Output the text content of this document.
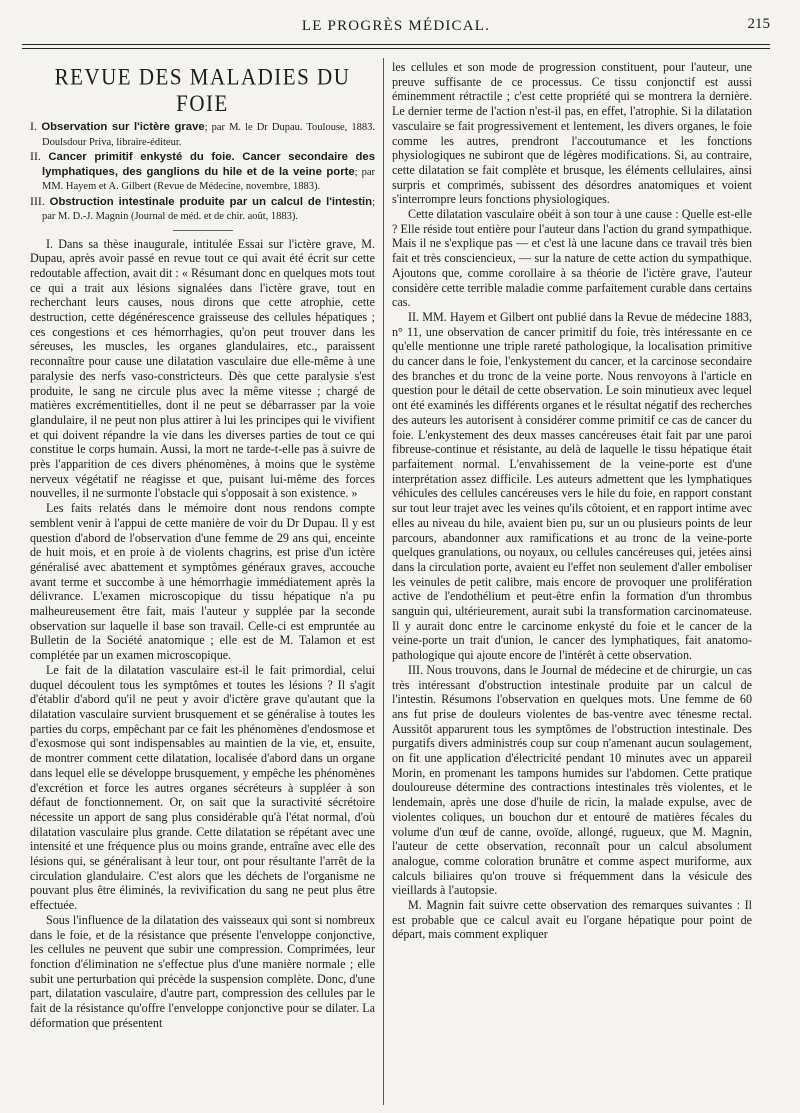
LE PROGRÈS MÉDICAL.	215
REVUE DES MALADIES DU FOIE
I. Observation sur l'ictère grave; par M. le Dr Dupau. Toulouse, 1883. Doulsdour Priva, libraire-éditeur.
II. Cancer primitif enkysté du foie. Cancer secondaire des lymphatiques, des ganglions du hile et de la veine porte; par MM. Hayem et A. Gilbert (Revue de Médecine, novembre, 1883).
III. Obstruction intestinale produite par un calcul de l'intestin; par M. D.-J. Magnin (Journal de méd. et de chir. août, 1883).

I. Dans sa thèse inaugurale, intitulée Essai sur l'ictère grave, M. Dupau, après avoir passé en revue tout ce qui avait été écrit sur cette redoutable affection, avait dit : « Résumant donc en quelques mots tout ce qui a trait aux lésions signalées dans l'ictère grave, tout en recherchant leurs causes, nous dirons que cette atrophie, cette destruction, cette dégénérescence graisseuse des cellules hépatiques ; ces congestions et ces hémorrhagies, qu'on peut trouver dans les séreuses, les muscles, les organes glandulaires, etc., paraissent reconnaître pour cause une dilatation vasculaire due elle-même à une paralysie des nerfs vaso-constricteurs. Dès que cette paralysie s'est produite, le sang ne circule plus avec la même vitesse ; chargé de matières excrémentitielles, dont il ne peut se débarrasser par la voie glandulaire, il ne peut non plus attirer à lui les principes qui le vivifient et qui doivent répandre la vie dans les diverses parties de tout ce qui constitue le corps humain. Aussi, la mort ne tarde-t-elle pas à suivre de près l'apparition de ces divers phénomènes, à moins que le système nerveux végétatif ne réagisse et que, puisant lui-même des forces nouvelles, il ne surmonte l'obstacle qui s'opposait à son existence. »

Les faits relatés dans le mémoire dont nous rendons compte semblent venir à l'appui de cette manière de voir du Dr Dupau. Il y est question d'abord de l'observation d'une femme de 29 ans qui, enceinte de huit mois, et en proie à de violents chagrins, est prise d'un ictère généralisé avec abattement et symptômes généraux graves, accouche avant terme et succombe à une hémorrhagie immédiatement après la délivrance. L'examen microscopique du tissu hépatique n'a pu malheureusement être fait, mais l'auteur y supplée par la seconde observation sur laquelle il base son travail. Celle-ci est empruntée au Bulletin de la Société anatomique ; elle est de M. Talamon et est complétée par un examen microscopique.

Le fait de la dilatation vasculaire est-il le fait primordial, celui duquel découlent tous les symptômes et toutes les lésions ? Il s'agit d'établir d'abord qu'il ne peut y avoir d'ictère grave qu'autant que la dilatation vasculaire survient brusquement et se généralise à toutes les parties du corps, empêchant par ce fait les phénomènes d'endosmose et d'exosmose qui sont indispensables au maintien de la vie, et, ensuite, de montrer comment cette dilatation, localisée d'abord dans un organe dans lequel elle se développe brusquement, y empêche les phénomènes d'excrétion et force les autres organes sécréteurs à suppléer à son défaut de fonctionnement. Or, on sait que la suractivité sécrétoire nécessite un apport de sang plus considérable qu'à l'état normal, d'où dilatation vasculaire plus grande. Cette dilatation se répétant avec une intensité et une fréquence plus ou moins grande, entraîne avec elle des lésions qui, se généralisant à leur tour, ont pour résultante l'arrêt de la circulation glandulaire. C'est alors que les déchets de l'organisme ne pouvant plus être éliminés, la revivification du sang ne peut plus être effectuée.

Sous l'influence de la dilatation des vaisseaux qui sont si nombreux dans le foie, et de la résistance que présente l'enveloppe conjonctive, les cellules ne peuvent que subir une compression. Comprimées, leur fonction d'élimination ne s'effectue plus d'une manière normale ; elle subit une perturbation qui précède la suspension complète. Donc, d'une part, dilatation vasculaire, d'autre part, compression des cellules par le fait de la résistance qu'offre l'enveloppe conjonctive pour se dilater. La déformation que présentent

les cellules et son mode de progression constituent, pour l'auteur, une preuve suffisante de ce processus. Ce tissu conjonctif est aussi éminemment rétractile ; c'est cette propriété qui se montrera la dernière. Le dernier terme de l'action n'est-il pas, en effet, l'atrophie. Si la dilatation vasculaire se fait progressivement et lentement, les divers organes, le foie comme les autres, prendront l'accoutumance et les fonctions physiologiques ne subiront que de légères modifications. Si, au contraire, cette dilatation se fait complète et brusque, les éléments cellulaires, ainsi surpris et comprimés, subissent des désordres anatomiques et voient s'interrompre leurs fonctions physiologiques.

Cette dilatation vasculaire obéit à son tour à une cause : Quelle est-elle ? Elle réside tout entière pour l'auteur dans l'action du grand sympathique. Mais il ne s'explique pas — et c'est là une lacune dans ce travail très bien fait et très consciencieux, — sur la nature de cette action du sympathique. Ajoutons que, comme corollaire à sa théorie de l'ictère grave, l'auteur considère cette terrible maladie comme parfaitement curable dans certains cas.

II. MM. Hayem et Gilbert ont publié dans la Revue de médecine 1883, n° 11, une observation de cancer primitif du foie, très intéressante en ce qu'elle mentionne une triple rareté pathologique, la localisation primitive du cancer dans le foie, l'enkystement du cancer, et la carcinose secondaire des branches et du tronc de la veine porte. Nous renvoyons à l'article en question pour le détail de cette observation. Le soin minutieux avec lequel ont été examinés les différents organes et le résultat négatif des recherches des auteurs les autorisent à considérer comme primitif ce cas de cancer du foie. L'enkystement des deux masses cancéreuses était fait par une paroi fibreuse-continue et résistante, au delà de laquelle le tissu hépatique était parfaitement normal. L'envahissement de la veine-porte est d'une interprétation assez difficile. Les auteurs admettent que les lymphatiques véhicules des cellules cancéreuses vers le hile du foie, en rapport constant sur tout leur trajet avec les veines qu'ils côtoient, et en rapport intime avec elles au niveau du hile, avaient bien pu, sur un ou plusieurs points de leur parcours, abandonner aux ramifications et au tronc de la veine-porte quelques granulations, ou noyaux, ou cellules cancéreuses qui, jetées ainsi dans la circulation porte, avaient eu l'effet non seulement d'aller emboliser les veinules de petit calibre, mais encore de provoquer une prolifération active de l'endothélium et peut-être enfin la formation d'un thrombus sanguin qui, ultérieurement, aurait subi la transformation carcinomateuse. Il y aurait donc entre le carcinome enkysté du foie et le cancer de la veine-porte un trait d'union, le cancer des lymphatiques, fait anatomo-pathologique qui ajoute encore de l'intérêt à cette observation.

III. Nous trouvons, dans le Journal de médecine et de chirurgie, un cas très intéressant d'obstruction intestinale produite par un calcul de l'intestin. Résumons l'observation en quelques mots. Une femme de 60 ans fut prise de douleurs violentes de bas-ventre avec ténesme rectal. Aussitôt apparurent tous les symptômes de l'obstruction intestinale. Des purgatifs divers administrés coup sur coup n'amenant aucun soulagement, on fit une application d'électricité pendant 10 minutes avec un appareil Morin, en promenant les tampons humides sur l'abdomen. Cette pratique douloureuse détermine des contractions intestinales très violentes, et le lendemain, après une dose d'huile de ricin, la malade expulse, avec de violentes coliques, un bouchon dur et entouré de matières fécales du volume d'un œuf de canne, ovoïde, allongé, rugueux, que M. Magnin, l'auteur de cette observation, reconnaît pour un calcul absolument analogue, comme coloration brunâtre et comme aspect muriforme, aux calculs biliaires qu'on trouve si fréquemment dans la vésicule des vieillards à l'autopsie.

M. Magnin fait suivre cette observation des remarques suivantes : Il est probable que ce calcul avait eu l'organe hépatique pour point de départ, mais comment expliquer
